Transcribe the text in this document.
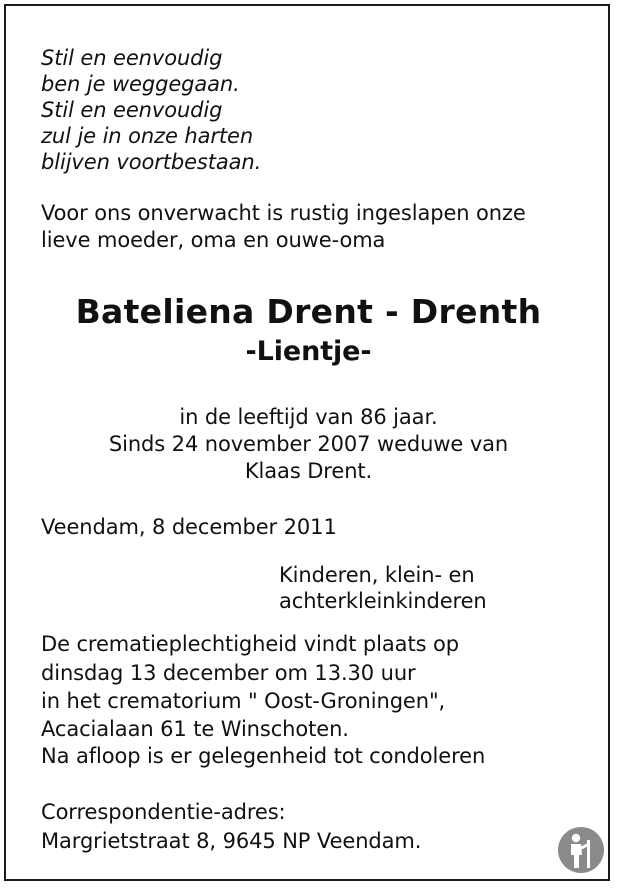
Stil en eenvoudig
ben je weggegaan.
Stil en eenvoudig
zul je in onze harten
blijven voortbestaan.
Voor ons onverwacht is rustig ingeslapen onze
lieve moeder, oma en ouwe-oma
Bateliena Drent - Drenth
-Lientje-
in de leeftijd van 86 jaar.
Sinds 24 november 2007 weduwe van
Klaas Drent.
Veendam, 8 december 2011
Kinderen, klein- en
achterkleinkinderen
De crematieplechtigheid vindt plaats op
dinsdag 13 december om 13.30 uur
in het crematorium " Oost-Groningen",
Acacialaan 61 te Winschoten.
Na afloop is er gelegenheid tot condoleren
Correspondentie-adres:
Margrietstraat 8, 9645 NP Veendam.
